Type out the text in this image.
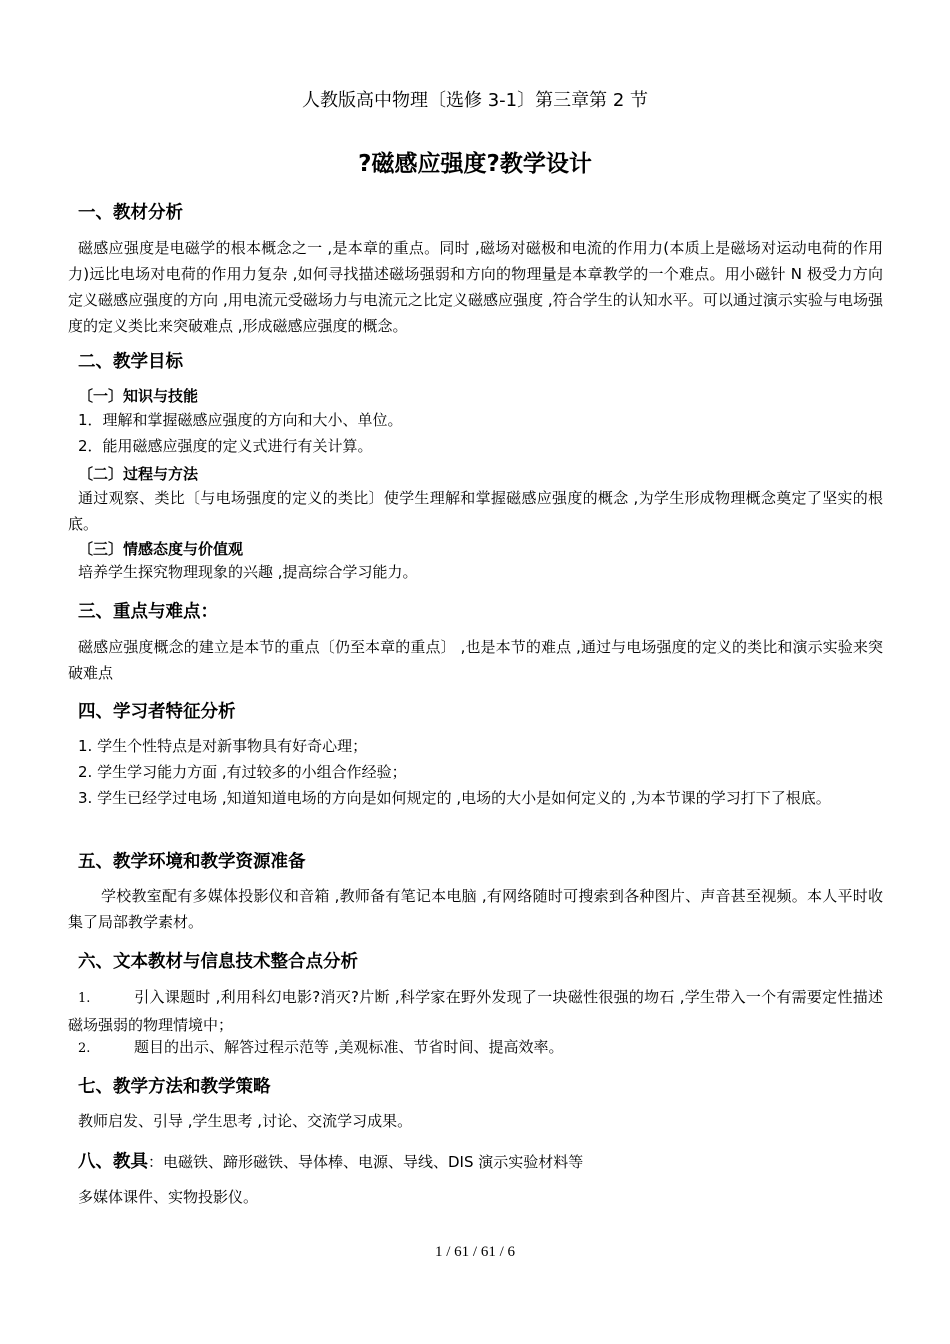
人教版高中物理〔选修 3-1〕第三章第 2 节
?磁感应强度?教学设计
一、教材分析
磁感应强度是电磁学的根本概念之一 ,是本章的重点。同时 ,磁场对磁极和电流的作用力(本质上是磁场对运动电荷的作用力)远比电场对电荷的作用力复杂 ,如何寻找描述磁场强弱和方向的物理量是本章教学的一个难点。用小磁针 N 极受力方向定义磁感应强度的方向 ,用电流元受磁场力与电流元之比定义磁感应强度 ,符合学生的认知水平。可以通过演示实验与电场强度的定义类比来突破难点 ,形成磁感应强度的概念。
二、教学目标
〔一〕知识与技能
1．理解和掌握磁感应强度的方向和大小、单位。
2．能用磁感应强度的定义式进行有关计算。
〔二〕过程与方法
通过观察、类比〔与电场强度的定义的类比〕使学生理解和掌握磁感应强度的概念 ,为学生形成物理概念奠定了坚实的根底。
〔三〕情感态度与价值观
培养学生探究物理现象的兴趣 ,提高综合学习能力。
三、重点与难点：
磁感应强度概念的建立是本节的重点〔仍至本章的重点〕 ,也是本节的难点 ,通过与电场强度的定义的类比和演示实验来突破难点
四、学习者特征分析
1. 学生个性特点是对新事物具有好奇心理；
2. 学生学习能力方面 ,有过较多的小组合作经验；
3. 学生已经学过电场 ,知道知道电场的方向是如何规定的 ,电场的大小是如何定义的 ,为本节课的学习打下了根底。
五、教学环境和教学资源准备
学校教室配有多媒体投影仪和音箱 ,教师备有笔记本电脑 ,有网络随时可搜索到各种图片、声音甚至视频。本人平时收集了局部教学素材。
六、文本教材与信息技术整合点分析
1.	引入课题时 ,利用科幻电影?消灭?片断 ,科学家在野外发现了一块磁性很强的圽石 ,学生带入一个有需要定性描述磁场强弱的物理情境中；
2.	题目的出示、解答过程示范等 ,美观标准、节省时间、提高效率。
七、教学方法和教学策略
教师启发、引导 ,学生思考 ,讨论、交流学习成果。
八、教具：电磁铁、蹄形磁铁、导体棒、电源、导线、DIS 演示实验材料等
多媒体课件、实物投影仪。
1 / 61 / 61 / 6
